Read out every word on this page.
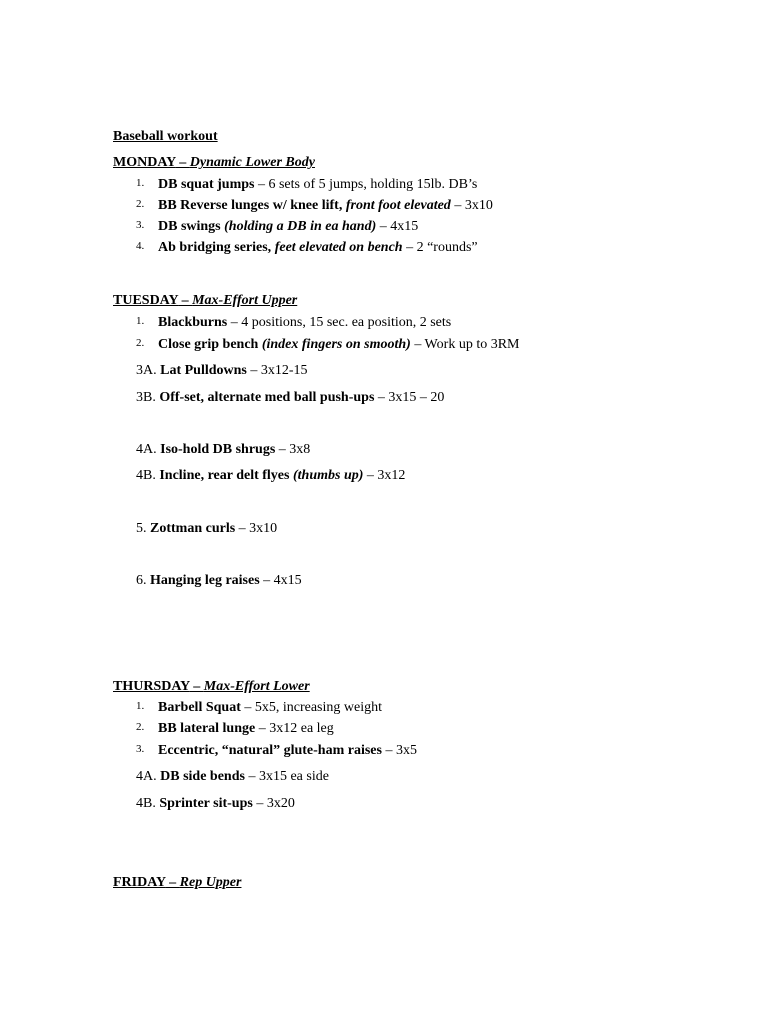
Baseball workout
MONDAY – Dynamic Lower Body
1. DB squat jumps – 6 sets of 5 jumps, holding 15lb. DB’s
2. BB Reverse lunges w/ knee lift, front foot elevated – 3x10
3. DB swings (holding a DB in ea hand) – 4x15
4. Ab bridging series, feet elevated on bench – 2 “rounds”
TUESDAY – Max-Effort Upper
1. Blackburns – 4 positions, 15 sec. ea position, 2 sets
2. Close grip bench (index fingers on smooth) – Work up to 3RM
3A. Lat Pulldowns – 3x12-15
3B. Off-set, alternate med ball push-ups – 3x15 – 20
4A. Iso-hold DB shrugs – 3x8
4B. Incline, rear delt flyes (thumbs up) – 3x12
5. Zottman curls – 3x10
6. Hanging leg raises – 4x15
THURSDAY – Max-Effort Lower
1. Barbell Squat – 5x5, increasing weight
2. BB lateral lunge – 3x12 ea leg
3. Eccentric, “natural” glute-ham raises – 3x5
4A. DB side bends – 3x15 ea side
4B. Sprinter sit-ups – 3x20
FRIDAY – Rep Upper
